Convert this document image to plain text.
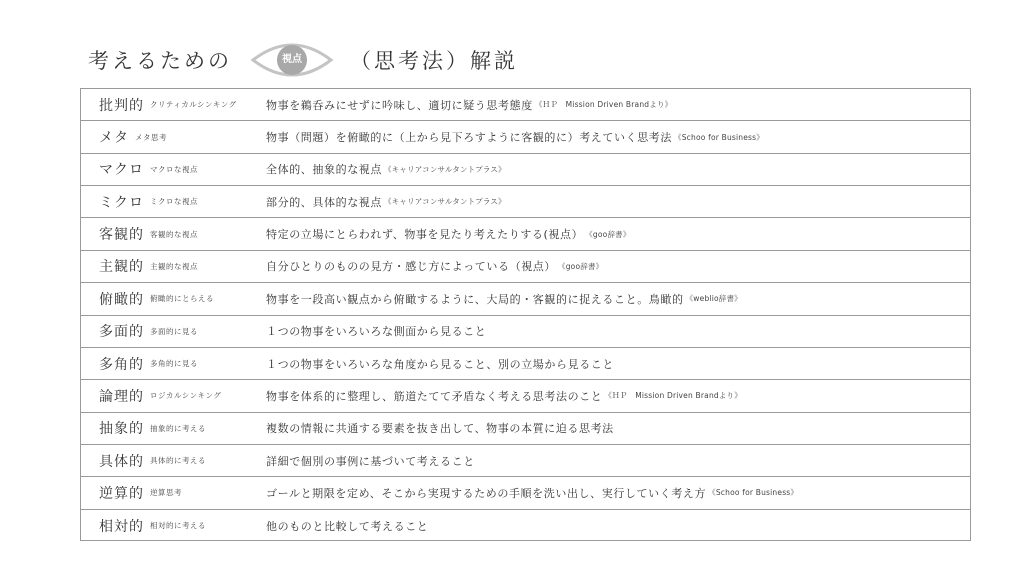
考えるための	視点 （思考法）解説
批判的 クリティカルシンキング	物事を鵜呑みにせずに吟味し、適切に疑う思考態度 《ＨＰ　Mission Driven Brandより》
メタ メタ思考	物事（問題）を俯瞰的に（上から見下ろすように客観的に）考えていく思考法 《Schoo for Business》
マクロ マクロな視点	全体的、抽象的な視点 《キャリアコンサルタントプラス》
ミクロ ミクロな視点	部分的、具体的な視点 《キャリアコンサルタントプラス》
客観的 客観的な視点	特定の立場にとらわれず、物事を見たり考えたりする(視点） 《goo辞書》
主観的 主観的な視点	自分ひとりのものの見方・感じ方によっている（視点） 《goo辞書》
俯瞰的 俯瞰的にとらえる	物事を一段高い観点から俯瞰するように、大局的・客観的に捉えること。鳥瞰的 《weblio辞書》
多面的 多面的に見る	１つの物事をいろいろな側面から見ること
多角的 多角的に見る	１つの物事をいろいろな角度から見ること、別の立場から見ること
論理的 ロジカルシンキング	物事を体系的に整理し、筋道たてて矛盾なく考える思考法のこと 《ＨＰ　Mission Driven Brandより》
抽象的 抽象的に考える	複数の情報に共通する要素を抜き出して、物事の本質に迫る思考法
具体的 具体的に考える	詳細で個別の事例に基づいて考えること
逆算的 逆算思考	ゴールと期限を定め、そこから実現するための手順を洗い出し、実行していく考え方 《Schoo for Business》
相対的 相対的に考える	他のものと比較して考えること
